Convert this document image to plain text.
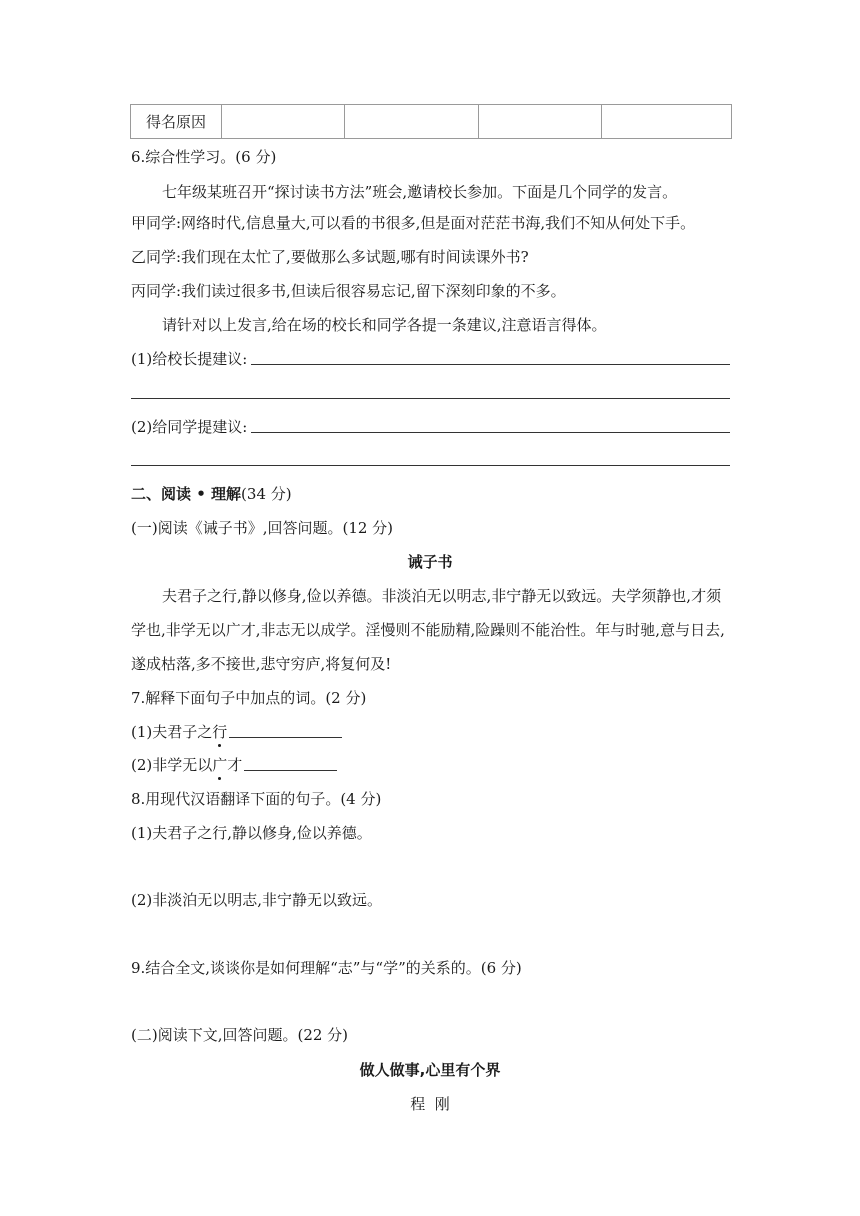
得名原因				
6.综合性学习。(6 分)
七年级某班召开“探讨读书方法”班会,邀请校长参加。下面是几个同学的发言。
甲同学:网络时代,信息量大,可以看的书很多,但是面对茫茫书海,我们不知从何处下手。
乙同学:我们现在太忙了,要做那么多试题,哪有时间读课外书?
丙同学:我们读过很多书,但读后很容易忘记,留下深刻印象的不多。
请针对以上发言,给在场的校长和同学各提一条建议,注意语言得体。
(1)给校长提建议:
(2)给同学提建议:
二、阅读 • 理解(34 分)
(一)阅读《诫子书》,回答问题。(12 分)
诫子书
夫君子之行,静以修身,俭以养德。非淡泊无以明志,非宁静无以致远。夫学须静也,才须
学也,非学无以广才,非志无以成学。淫慢则不能励精,险躁则不能治性。年与时驰,意与日去,
遂成枯落,多不接世,悲守穷庐,将复何及!
7.解释下面句子中加点的词。(2 分)
(1)夫君子之行
(2)非学无以广才
8.用现代汉语翻译下面的句子。(4 分)
(1)夫君子之行,静以修身,俭以养德。
(2)非淡泊无以明志,非宁静无以致远。
9.结合全文,谈谈你是如何理解“志”与“学”的关系的。(6 分)
(二)阅读下文,回答问题。(22 分)
做人做事,心里有个界
程  刚
